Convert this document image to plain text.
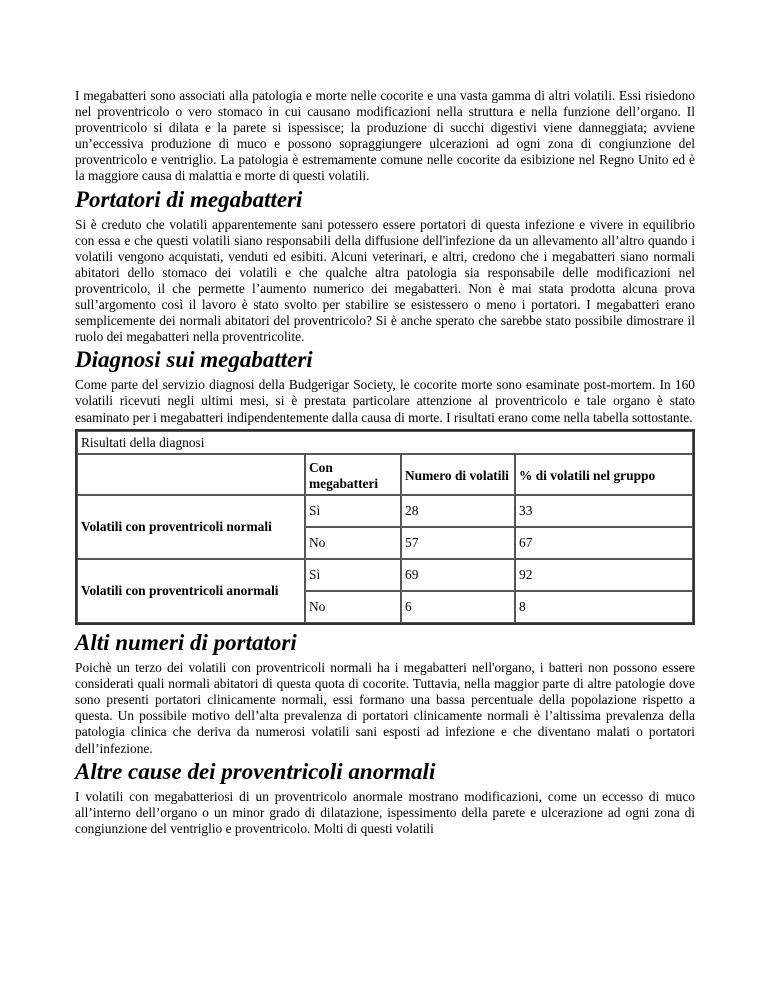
I megabatteri sono associati alla patologia e morte nelle cocorite e una vasta gamma di altri volatili. Essi risiedono nel proventricolo o vero stomaco in cui causano modificazioni nella struttura e nella funzione dell’organo. Il proventricolo si dilata e la parete si ispessisce; la produzione di succhi digestivi viene danneggiata; avviene un’eccessiva produzione di muco e possono sopraggiungere ulcerazioni ad ogni zona di congiunzione del proventricolo e ventriglio. La patologia è estremamente comune nelle cocorite da esibizione nel Regno Unito ed è la maggiore causa di malattia e morte di questi volatili.

Portatori di megabatteri

Si è creduto che volatili apparentemente sani potessero essere portatori di questa infezione e vivere in equilibrio con essa e che questi volatili siano responsabili della diffusione dell'infezione da un allevamento all’altro quando i volatili vengono acquistati, venduti ed esibiti. Alcuni veterinari, e altri, credono che i megabatteri siano normali abitatori dello stomaco dei volatili e che qualche altra patologia sia responsabile delle modificazioni nel proventricolo, il che permette l’aumento numerico dei megabatteri. Non è mai stata prodotta alcuna prova sull’argomento così il lavoro è stato svolto per stabilire se esistessero o meno i portatori. I megabatteri erano semplicemente dei normali abitatori del proventricolo? Si è anche sperato che sarebbe stato possibile dimostrare il ruolo dei megabatteri nella proventricolite.

Diagnosi sui megabatteri

Come parte del servizio diagnosi della Budgerigar Society, le cocorite morte sono esaminate post-mortem. In 160 volatili ricevuti negli ultimi mesi, si è prestata particolare attenzione al proventricolo e tale organo è stato esaminato per i megabatteri indipendentemente dalla causa di morte. I risultati erano come nella tabella sottostante.

Risultati della diagnosi			
	Con megabatteri	Numero di volatili	% di volatili nel gruppo
Volatili con proventricoli normali	Sì	28	33
	No	57	67
Volatili con proventricoli anormali	Sì	69	92
	No	6	8
Alti numeri di portatori

Poichè un terzo dei volatili con proventricoli normali ha i megabatteri nell'organo, i batteri non possono essere considerati quali normali abitatori di questa quota di cocorite. Tuttavia, nella maggior parte di altre patologie dove sono presenti portatori clinicamente normali, essi formano una bassa percentuale della popolazione rispetto a questa. Un possibile motivo dell’alta prevalenza di portatori clinicamente normali è l’altissima prevalenza della patologia clinica che deriva da numerosi volatili sani esposti ad infezione e che diventano malati o portatori dell’infezione.

Altre cause dei proventricoli anormali

I volatili con megabatteriosi di un proventricolo anormale mostrano modificazioni, come un eccesso di muco all’interno dell’organo o un minor grado di dilatazione, ispessimento della parete e ulcerazione ad ogni zona di congiunzione del ventriglio e proventricolo. Molti di questi volatili
